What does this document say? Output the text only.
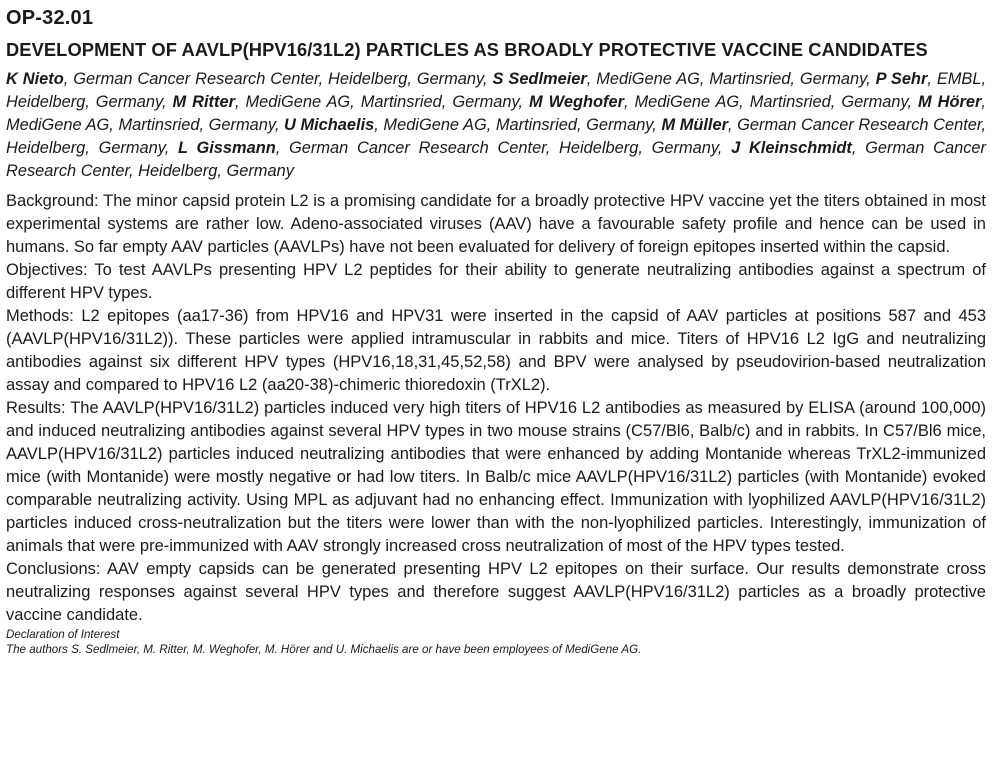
OP-32.01
DEVELOPMENT OF AAVLP(HPV16/31L2) PARTICLES AS BROADLY PROTECTIVE VACCINE CANDIDATES
K Nieto, German Cancer Research Center, Heidelberg, Germany, S Sedlmeier, MediGene AG, Martinsried, Germany, P Sehr, EMBL, Heidelberg, Germany, M Ritter, MediGene AG, Martinsried, Germany, M Weghofer, MediGene AG, Martinsried, Germany, M Hörer, MediGene AG, Martinsried, Germany, U Michaelis, MediGene AG, Martinsried, Germany, M Müller, German Cancer Research Center, Heidelberg, Germany, L Gissmann, German Cancer Research Center, Heidelberg, Germany, J Kleinschmidt, German Cancer Research Center, Heidelberg, Germany

Background: The minor capsid protein L2 is a promising candidate for a broadly protective HPV vaccine yet the titers obtained in most experimental systems are rather low. Adeno-associated viruses (AAV) have a favourable safety profile and hence can be used in humans. So far empty AAV particles (AAVLPs) have not been evaluated for delivery of foreign epitopes inserted within the capsid.

Objectives: To test AAVLPs presenting HPV L2 peptides for their ability to generate neutralizing antibodies against a spectrum of different HPV types.

Methods: L2 epitopes (aa17-36) from HPV16 and HPV31 were inserted in the capsid of AAV particles at positions 587 and 453 (AAVLP(HPV16/31L2)). These particles were applied intramuscular in rabbits and mice. Titers of HPV16 L2 IgG and neutralizing antibodies against six different HPV types (HPV16,18,31,45,52,58) and BPV were analysed by pseudovirion-based neutralization assay and compared to HPV16 L2 (aa20-38)-chimeric thioredoxin (TrXL2).

Results: The AAVLP(HPV16/31L2) particles induced very high titers of HPV16 L2 antibodies as measured by ELISA (around 100,000) and induced neutralizing antibodies against several HPV types in two mouse strains (C57/Bl6, Balb/c) and in rabbits. In C57/Bl6 mice, AAVLP(HPV16/31L2) particles induced neutralizing antibodies that were enhanced by adding Montanide whereas TrXL2-immunized mice (with Montanide) were mostly negative or had low titers. In Balb/c mice AAVLP(HPV16/31L2) particles (with Montanide) evoked comparable neutralizing activity. Using MPL as adjuvant had no enhancing effect. Immunization with lyophilized AAVLP(HPV16/31L2) particles induced cross-neutralization but the titers were lower than with the non-lyophilized particles. Interestingly, immunization of animals that were pre-immunized with AAV strongly increased cross neutralization of most of the HPV types tested.

Conclusions: AAV empty capsids can be generated presenting HPV L2 epitopes on their surface. Our results demonstrate cross neutralizing responses against several HPV types and therefore suggest AAVLP(HPV16/31L2) particles as a broadly protective vaccine candidate.

Declaration of Interest
The authors S. Sedlmeier, M. Ritter, M. Weghofer, M. Hörer and U. Michaelis are or have been employees of MediGene AG.
